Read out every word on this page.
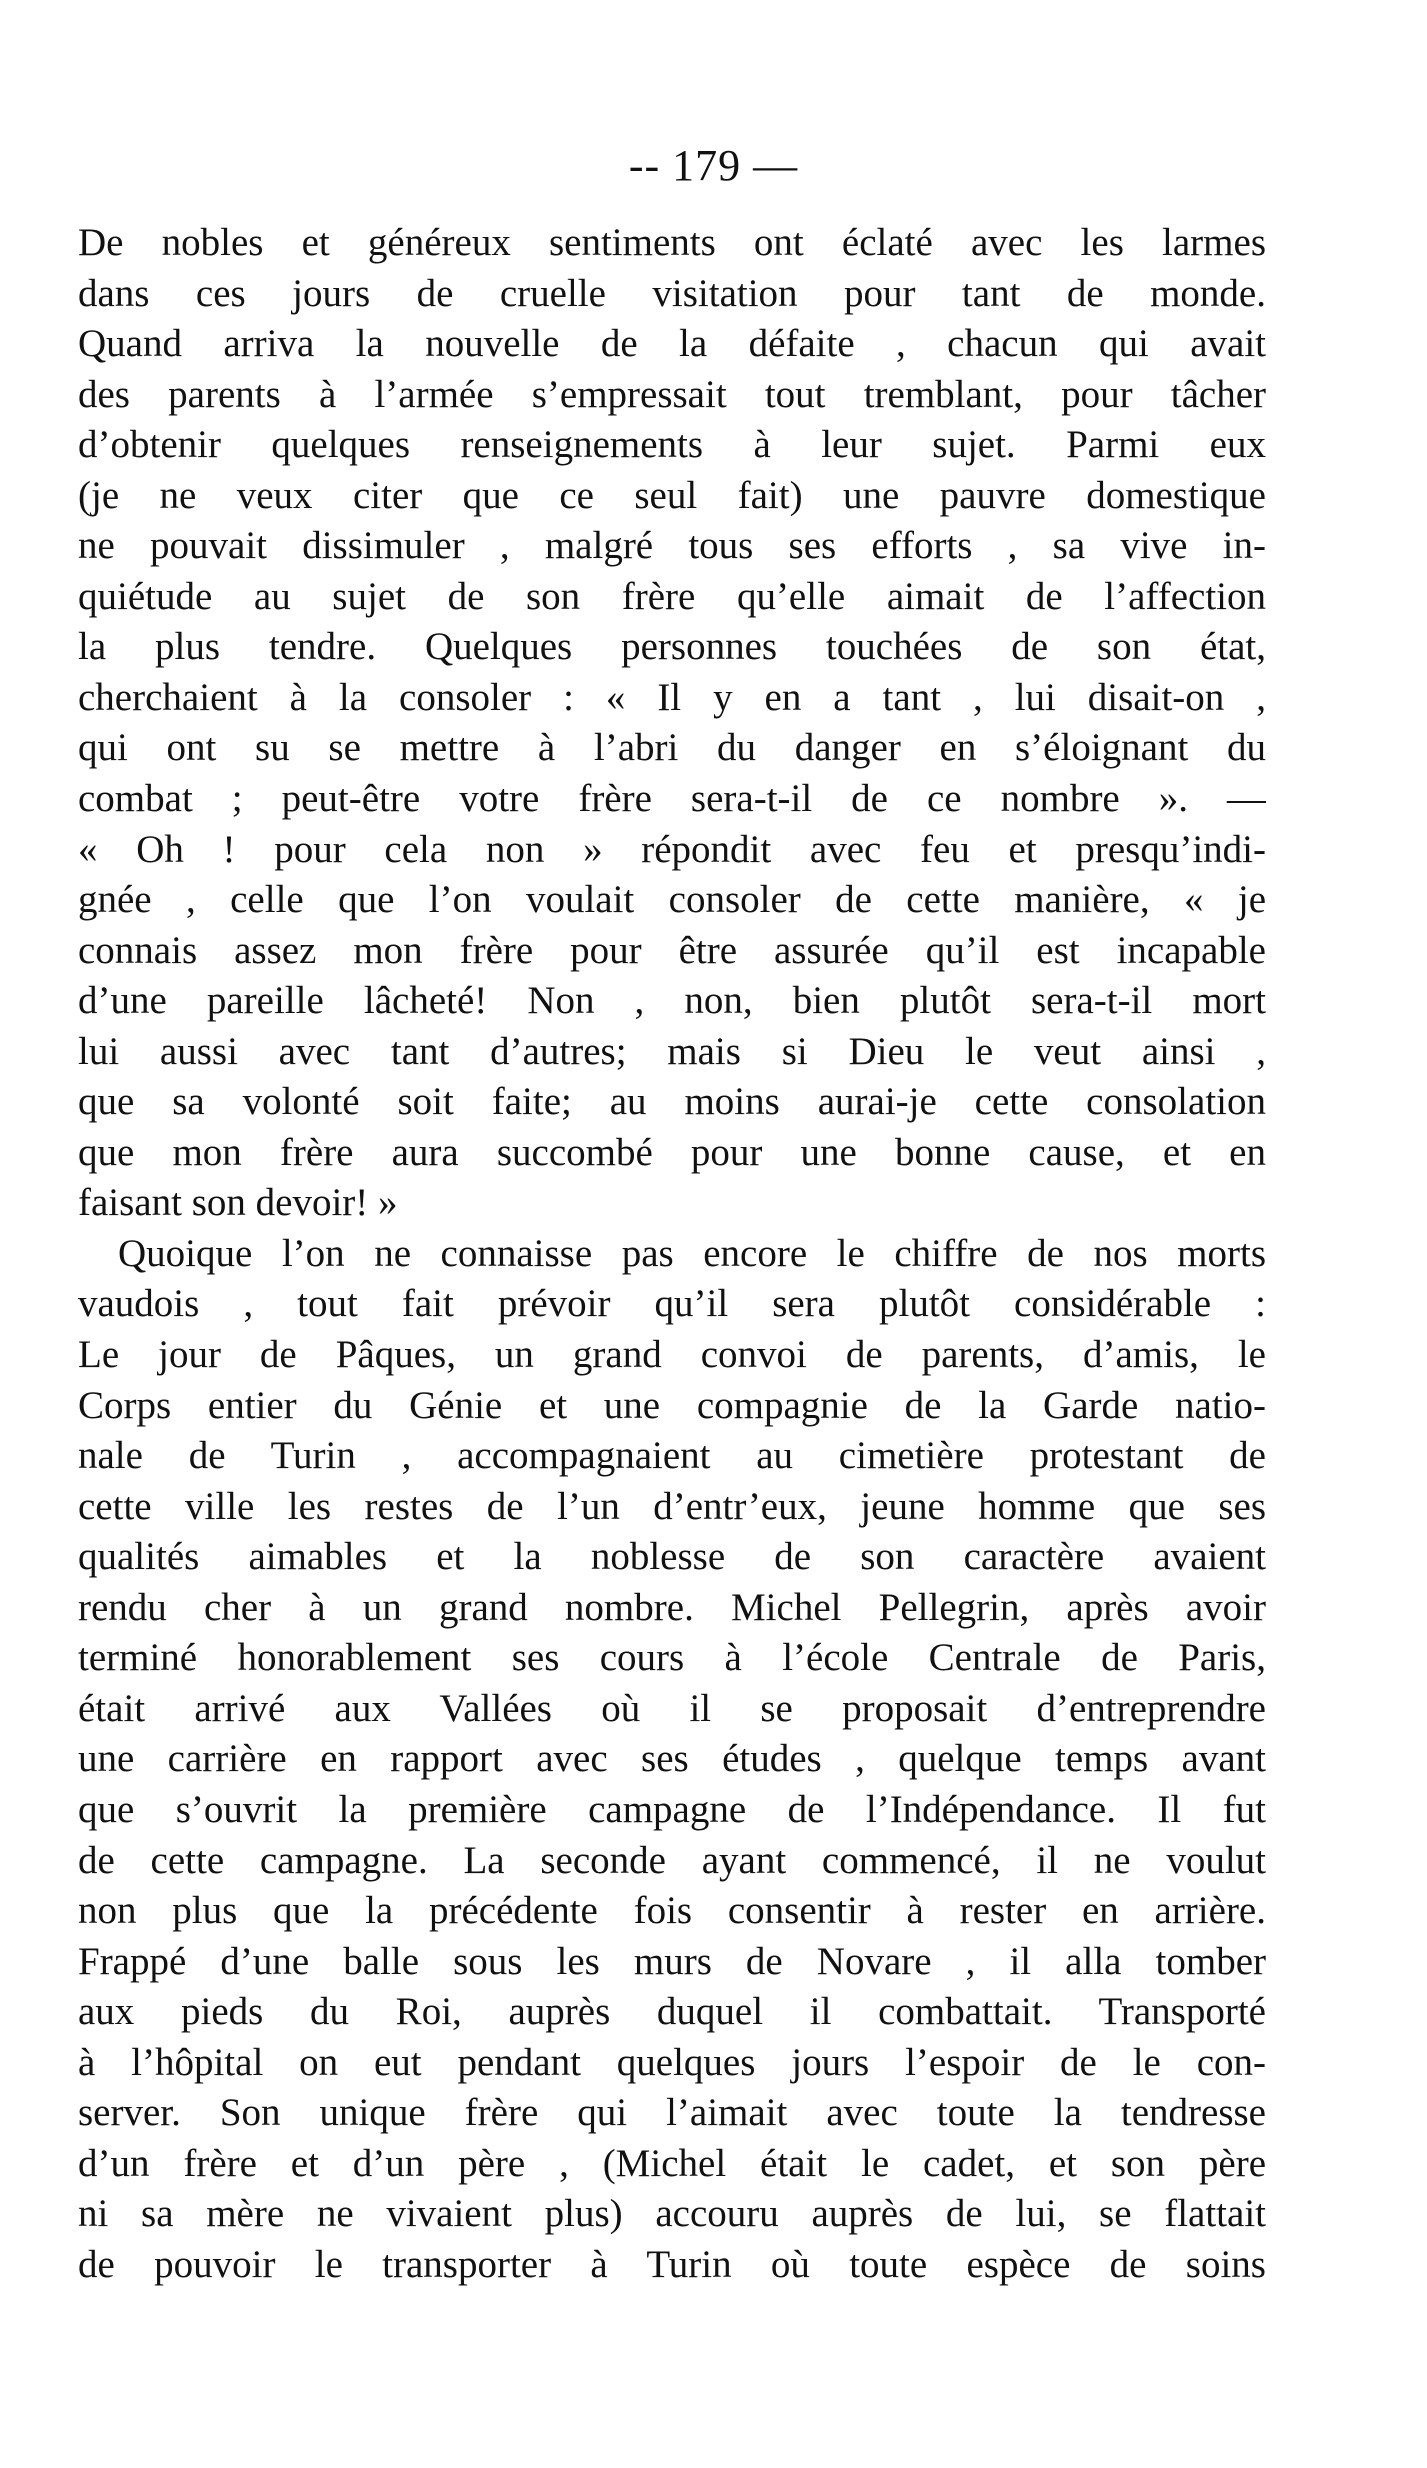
-- 179 —
De nobles et généreux sentiments ont éclaté avec les larmes
dans ces jours de cruelle visitation pour tant de monde.
Quand arriva la nouvelle de la défaite , chacun qui avait
des parents à l’armée s’empressait tout tremblant, pour tâcher
d’obtenir quelques renseignements à leur sujet. Parmi eux
(je ne veux citer que ce seul fait) une pauvre domestique
ne pouvait dissimuler , malgré tous ses efforts , sa vive in-
quiétude au sujet de son frère qu’elle aimait de l’affection
la plus tendre. Quelques personnes touchées de son état,
cherchaient à la consoler : « Il y en a tant , lui disait-on ,
qui ont su se mettre à l’abri du danger en s’éloignant du
combat ; peut-être votre frère sera-t-il de ce nombre ». —
« Oh ! pour cela non » répondit avec feu et presqu’indi-
gnée , celle que l’on voulait consoler de cette manière, « je
connais assez mon frère pour être assurée qu’il est incapable
d’une pareille lâcheté! Non , non, bien plutôt sera-t-il mort
lui aussi avec tant d’autres; mais si Dieu le veut ainsi ,
que sa volonté soit faite; au moins aurai-je cette consolation
que mon frère aura succombé pour une bonne cause, et en
faisant son devoir! »
Quoique l’on ne connaisse pas encore le chiffre de nos morts
vaudois , tout fait prévoir qu’il sera plutôt considérable :
Le jour de Pâques, un grand convoi de parents, d’amis, le
Corps entier du Génie et une compagnie de la Garde natio-
nale de Turin , accompagnaient au cimetière protestant de
cette ville les restes de l’un d’entr’eux, jeune homme que ses
qualités aimables et la noblesse de son caractère avaient
rendu cher à un grand nombre. Michel Pellegrin, après avoir
terminé honorablement ses cours à l’école Centrale de Paris,
était arrivé aux Vallées où il se proposait d’entreprendre
une carrière en rapport avec ses études , quelque temps avant
que s’ouvrit la première campagne de l’Indépendance. Il fut
de cette campagne. La seconde ayant commencé, il ne voulut
non plus que la précédente fois consentir à rester en arrière.
Frappé d’une balle sous les murs de Novare , il alla tomber
aux pieds du Roi, auprès duquel il combattait. Transporté
à l’hôpital on eut pendant quelques jours l’espoir de le con-
server. Son unique frère qui l’aimait avec toute la tendresse
d’un frère et d’un père , (Michel était le cadet, et son père
ni sa mère ne vivaient plus) accouru auprès de lui, se flattait
de pouvoir le transporter à Turin où toute espèce de soins
